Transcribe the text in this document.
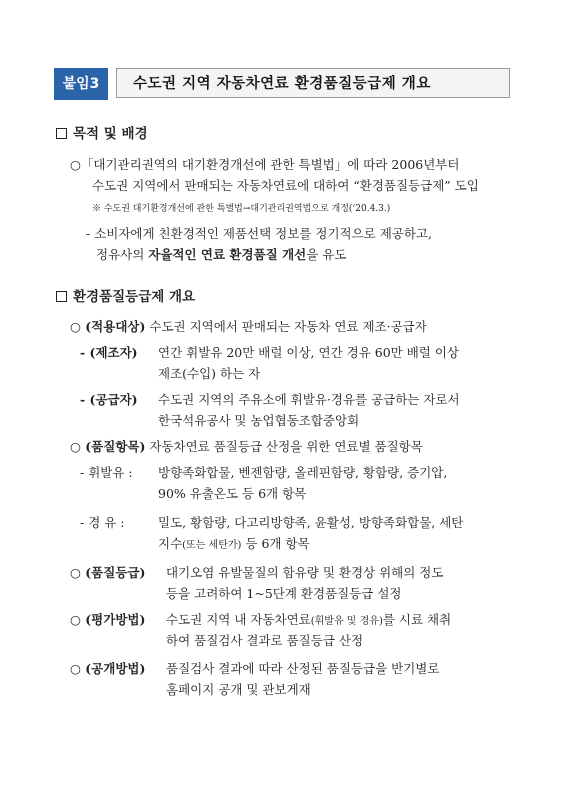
붙임3	수도권 지역 자동차연료 환경품질등급제 개요
목적 및 배경
○「대기관리권역의 대기환경개선에 관한 특별법」에 따라 2006년부터
수도권 지역에서 판매되는 자동차연료에 대하여 “환경품질등급제” 도입
※ 수도권 대기환경개선에 관한 특별법→대기관리권역법으로 개정(‘20.4.3.)
- 소비자에게 친환경적인 제품선택 정보를 정기적으로 제공하고,
정유사의 자율적인 연료 환경품질 개선을 유도
환경품질등급제 개요
○ (적용대상) 수도권 지역에서 판매되는 자동차 연료 제조·공급자
- (제조자) 연간 휘발유 20만 배럴 이상, 연간 경유 60만 배럴 이상
제조(수입) 하는 자
- (공급자) 수도권 지역의 주유소에 휘발유·경유를 공급하는 자로서
한국석유공사 및 농업협동조합중앙회
○ (품질항목) 자동차연료 품질등급 산정을 위한 연료별 품질항목
- 휘발유 : 방향족화합물, 벤젠함량, 올레핀함량, 황함량, 증기압,
90% 유출온도 등 6개 항목
- 경 유 :	밀도, 황함량, 다고리방향족, 윤활성, 방향족화합물, 세탄
지수(또는 세탄가) 등 6개 항목
○ (품질등급) 대기오염 유발물질의 함유량 및 환경상 위해의 정도
등을 고려하여 1~5단계 환경품질등급 설정
○ (평가방법) 수도권 지역 내 자동차연료(휘발유 및 경유)를 시료 채취
하여 품질검사 결과로 품질등급 산정
○ (공개방법) 품질검사 결과에 따라 산정된 품질등급을 반기별로
홈페이지 공개 및 관보게재
